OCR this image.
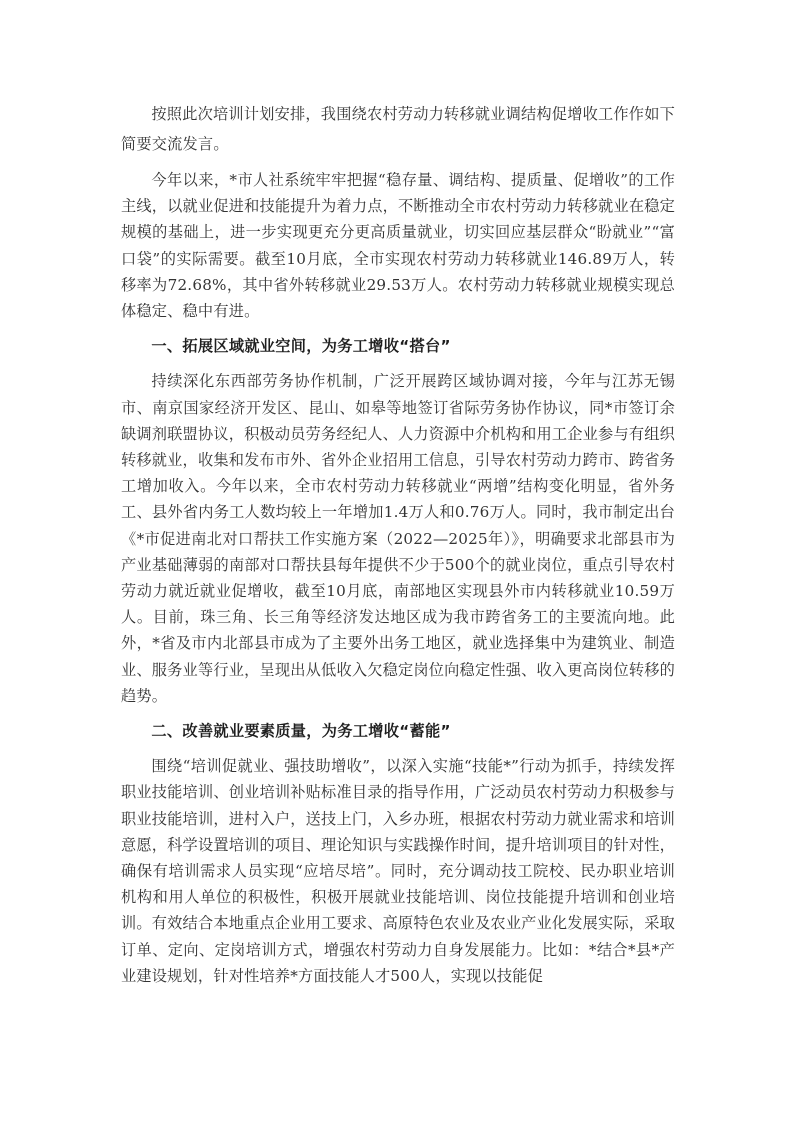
按照此次培训计划安排，我围绕农村劳动力转移就业调结构促增收工作作如下简要交流发言。

今年以来，*市人社系统牢牢把握“稳存量、调结构、提质量、促增收”的工作主线，以就业促进和技能提升为着力点，不断推动全市农村劳动力转移就业在稳定规模的基础上，进一步实现更充分更高质量就业，切实回应基层群众“盼就业”“富口袋”的实际需要。截至10月底，全市实现农村劳动力转移就业146.89万人，转移率为72.68%，其中省外转移就业29.53万人。农村劳动力转移就业规模实现总体稳定、稳中有进。

一、拓展区域就业空间，为务工增收“搭台”

持续深化东西部劳务协作机制，广泛开展跨区域协调对接，今年与江苏无锡市、南京国家经济开发区、昆山、如皋等地签订省际劳务协作协议，同*市签订余缺调剂联盟协议，积极动员劳务经纪人、人力资源中介机构和用工企业参与有组织转移就业，收集和发布市外、省外企业招用工信息，引导农村劳动力跨市、跨省务工增加收入。今年以来，全市农村劳动力转移就业“两增”结构变化明显，省外务工、县外省内务工人数均较上一年增加1.4万人和0.76万人。同时，我市制定出台《*市促进南北对口帮扶工作实施方案（2022—2025年）》，明确要求北部县市为产业基础薄弱的南部对口帮扶县每年提供不少于500个的就业岗位，重点引导农村劳动力就近就业促增收，截至10月底，南部地区实现县外市内转移就业10.59万人。目前，珠三角、长三角等经济发达地区成为我市跨省务工的主要流向地。此外，*省及市内北部县市成为了主要外出务工地区，就业选择集中为建筑业、制造业、服务业等行业，呈现出从低收入欠稳定岗位向稳定性强、收入更高岗位转移的趋势。

二、改善就业要素质量，为务工增收“蓄能”

围绕“培训促就业、强技助增收”，以深入实施“技能*”行动为抓手，持续发挥职业技能培训、创业培训补贴标准目录的指导作用，广泛动员农村劳动力积极参与职业技能培训，进村入户，送技上门，入乡办班，根据农村劳动力就业需求和培训意愿，科学设置培训的项目、理论知识与实践操作时间，提升培训项目的针对性，确保有培训需求人员实现“应培尽培”。同时，充分调动技工院校、民办职业培训机构和用人单位的积极性，积极开展就业技能培训、岗位技能提升培训和创业培训。有效结合本地重点企业用工要求、高原特色农业及农业产业化发展实际，采取订单、定向、定岗培训方式，增强农村劳动力自身发展能力。比如：*结合*县*产业建设规划，针对性培养*方面技能人才500人，实现以技能促
